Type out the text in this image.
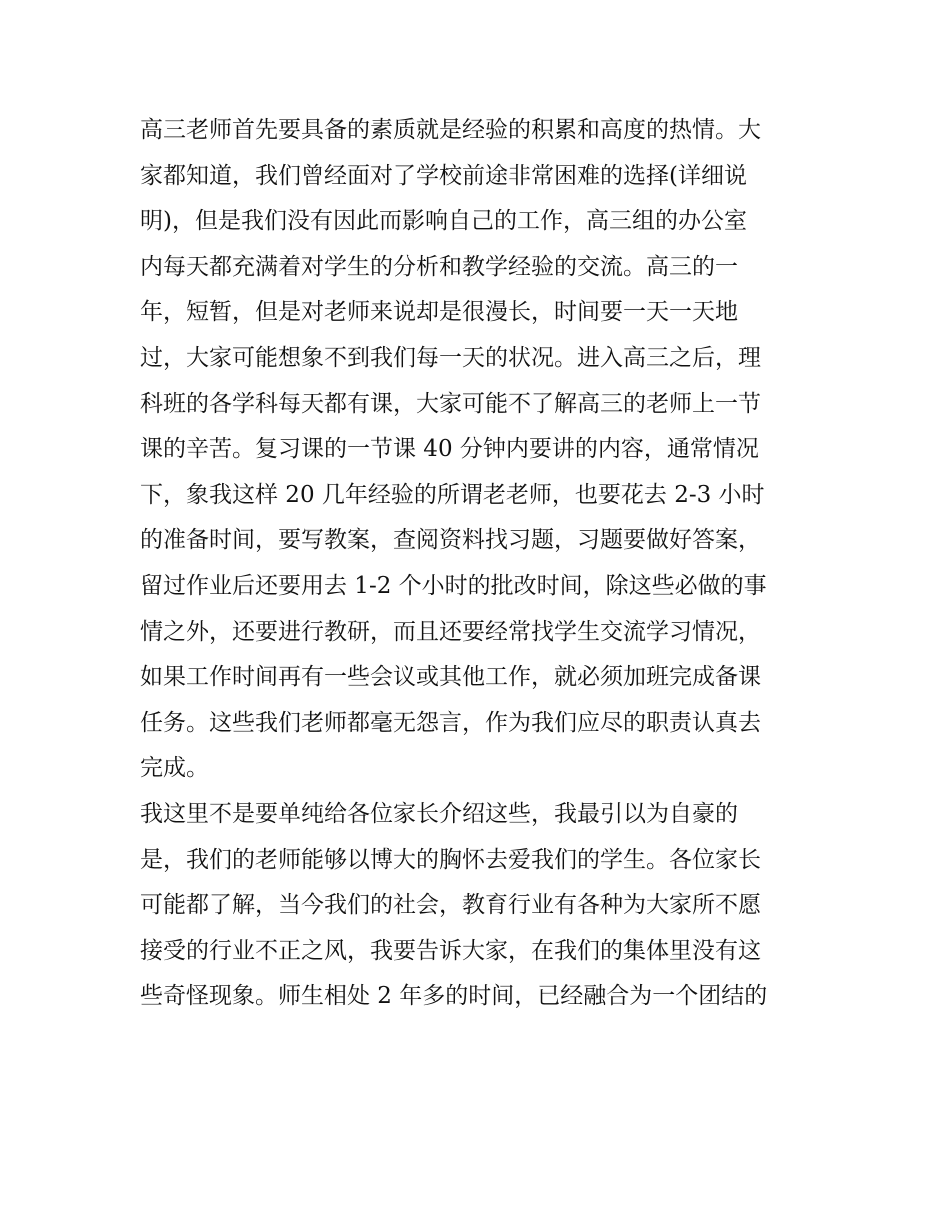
高三老师首先要具备的素质就是经验的积累和高度的热情。大
家都知道，我们曾经面对了学校前途非常困难的选择(详细说
明)，但是我们没有因此而影响自己的工作，高三组的办公室
内每天都充满着对学生的分析和教学经验的交流。高三的一
年，短暂，但是对老师来说却是很漫长，时间要一天一天地
过，大家可能想象不到我们每一天的状况。进入高三之后，理
科班的各学科每天都有课，大家可能不了解高三的老师上一节
课的辛苦。复习课的一节课 40 分钟内要讲的内容，通常情况
下，象我这样 20 几年经验的所谓老老师，也要花去 2-3 小时
的准备时间，要写教案，查阅资料找习题，习题要做好答案，
留过作业后还要用去 1-2 个小时的批改时间，除这些必做的事
情之外，还要进行教研，而且还要经常找学生交流学习情况，
如果工作时间再有一些会议或其他工作，就必须加班完成备课
任务。这些我们老师都毫无怨言，作为我们应尽的职责认真去
完成。
我这里不是要单纯给各位家长介绍这些，我最引以为自豪的
是，我们的老师能够以博大的胸怀去爱我们的学生。各位家长
可能都了解，当今我们的社会，教育行业有各种为大家所不愿
接受的行业不正之风，我要告诉大家，在我们的集体里没有这
些奇怪现象。师生相处 2 年多的时间，已经融合为一个团结的
